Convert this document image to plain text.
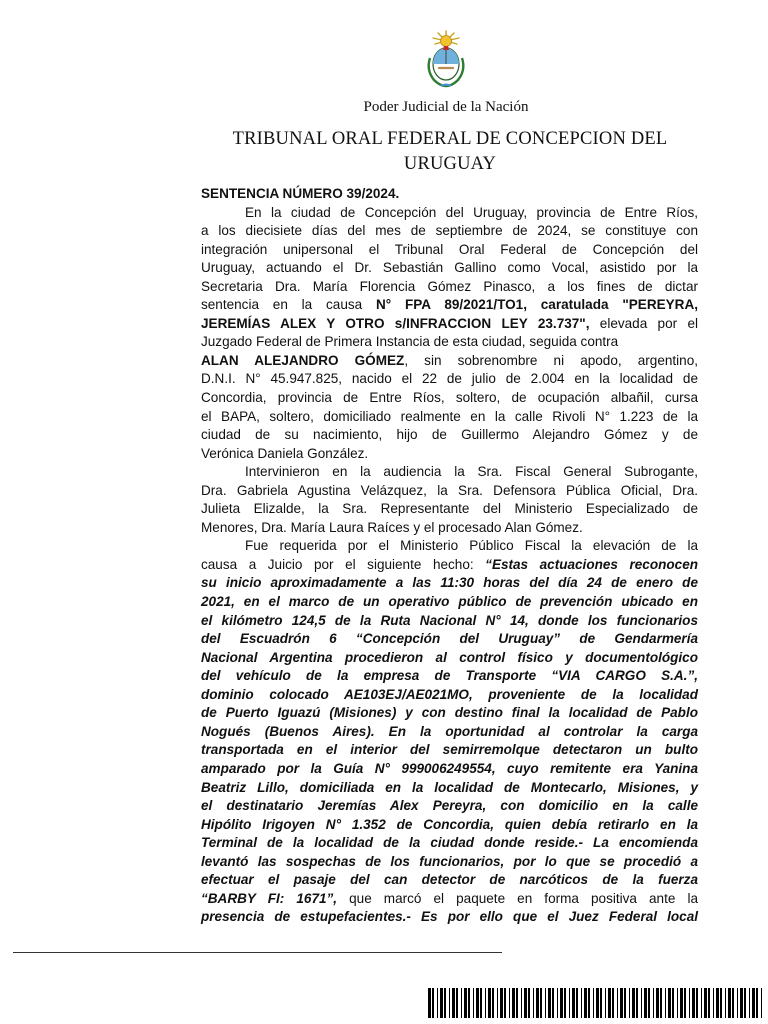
Poder Judicial de la Nación
TRIBUNAL ORAL FEDERAL DE CONCEPCION DEL
URUGUAY
SENTENCIA NÚMERO 39/2024.
En la ciudad de Concepción del Uruguay, provincia de Entre Ríos,
a los diecisiete días del mes de septiembre de 2024, se constituye con
integración unipersonal el Tribunal Oral Federal de Concepción del
Uruguay, actuando el Dr. Sebastián Gallino como Vocal, asistido por la
Secretaria Dra. María Florencia Gómez Pinasco, a los fines de dictar
sentencia en la causa N° FPA 89/2021/TO1, caratulada "PEREYRA,
JEREMÍAS ALEX Y OTRO s/INFRACCION LEY 23.737", elevada por el
Juzgado Federal de Primera Instancia de esta ciudad, seguida contra
ALAN ALEJANDRO GÓMEZ, sin sobrenombre ni apodo, argentino,
D.N.I. N° 45.947.825, nacido el 22 de julio de 2.004 en la localidad de
Concordia, provincia de Entre Ríos, soltero, de ocupación albañil, cursa
el BAPA, soltero, domiciliado realmente en la calle Rivoli N° 1.223 de la
ciudad de su nacimiento, hijo de Guillermo Alejandro Gómez y de
Verónica Daniela González.
Intervinieron en la audiencia la Sra. Fiscal General Subrogante,
Dra. Gabriela Agustina Velázquez, la Sra. Defensora Pública Oficial, Dra.
Julieta Elizalde, la Sra. Representante del Ministerio Especializado de
Menores, Dra. María Laura Raíces y el procesado Alan Gómez.
Fue requerida por el Ministerio Público Fiscal la elevación de la
causa a Juicio por el siguiente hecho: “Estas actuaciones reconocen
su inicio aproximadamente a las 11:30 horas del día 24 de enero de
2021, en el marco de un operativo público de prevención ubicado en
el kilómetro 124,5 de la Ruta Nacional N° 14, donde los funcionarios
del Escuadrón 6 “Concepción del Uruguay” de Gendarmería
Nacional Argentina procedieron al control físico y documentológico
del vehículo de la empresa de Transporte “VIA CARGO S.A.”,
dominio colocado AE103EJ/AE021MO, proveniente de la localidad
de Puerto Iguazú (Misiones) y con destino final la localidad de Pablo
Nogués (Buenos Aires). En la oportunidad al controlar la carga
transportada en el interior del semirremolque detectaron un bulto
amparado por la Guía N° 999006249554, cuyo remitente era Yanina
Beatriz Lillo, domiciliada en la localidad de Montecarlo, Misiones, y
el destinatario Jeremías Alex Pereyra, con domicilio en la calle
Hipólito Irigoyen N° 1.352 de Concordia, quien debía retirarlo en la
Terminal de la localidad de la ciudad donde reside.- La encomienda
levantó las sospechas de los funcionarios, por lo que se procedió a
efectuar el pasaje del can detector de narcóticos de la fuerza
“BARBY FI: 1671”, que marcó el paquete en forma positiva ante la
presencia de estupefacientes.- Es por ello que el Juez Federal local
